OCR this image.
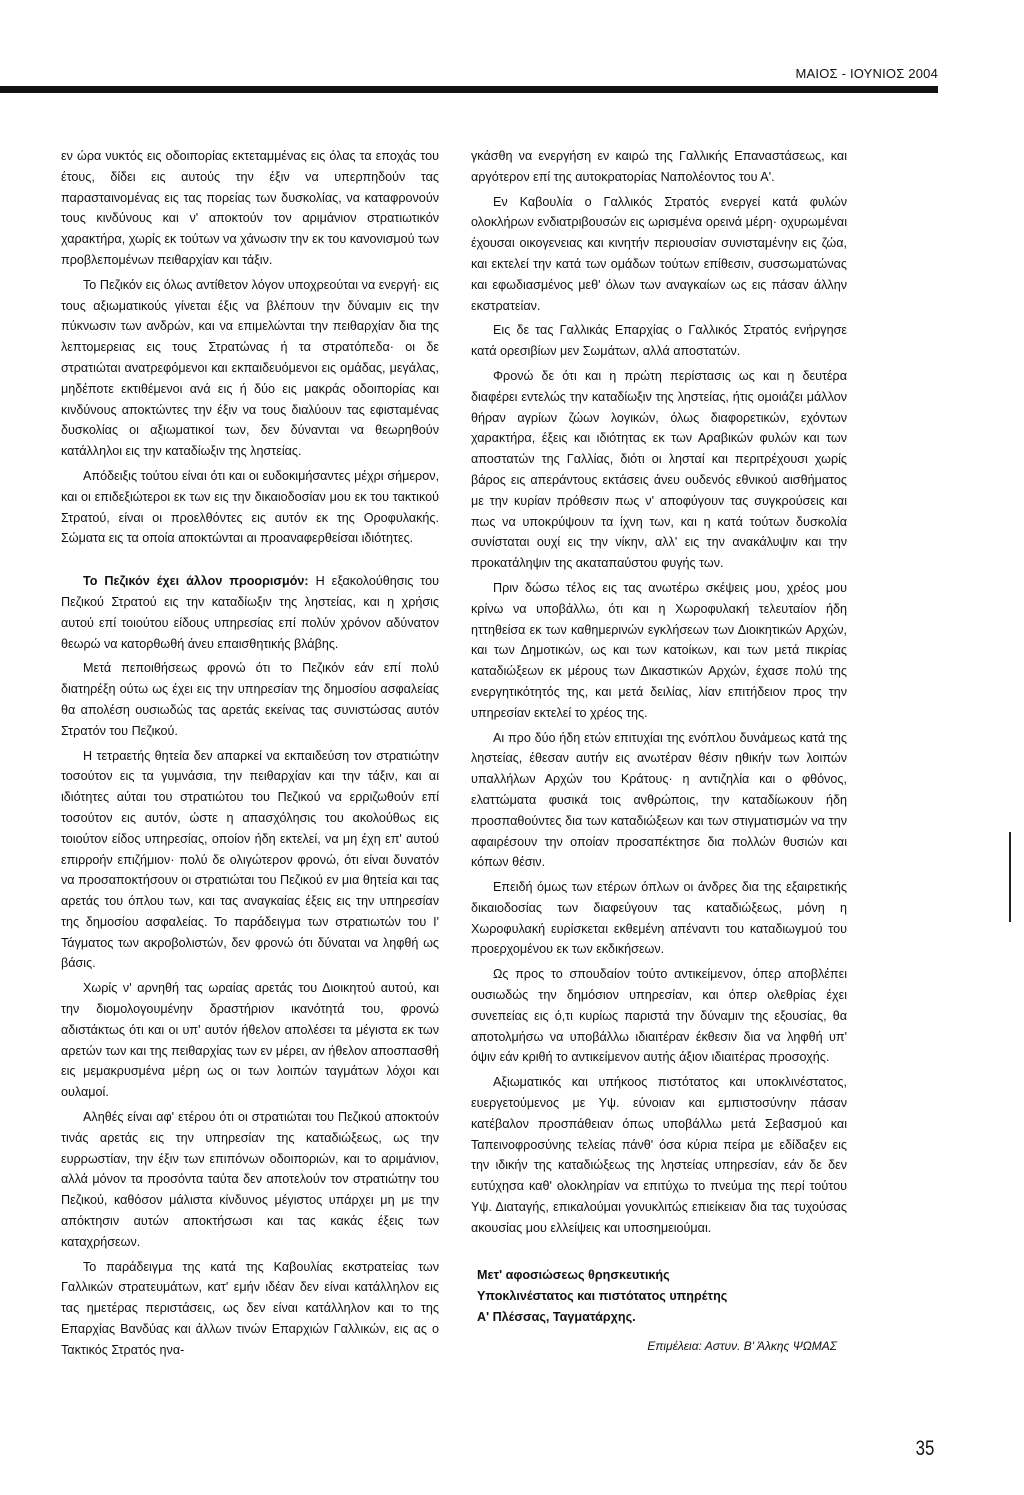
ΜΑΙΟΣ - ΙΟΥΝΙΟΣ 2004

εν ώρα νυκτός εις οδοιπορίας εκτεταμμένας εις όλας τα εποχάς του έτους, δίδει εις αυτούς την έξιν να υπερπηδούν τας παρασταινομένας εις τας πορείας των δυσκολίας, να καταφρονούν τους κινδύνους και ν' αποκτούν τον αριμάνιον στρατιωτικόν χαρακτήρα, χωρίς εκ τούτων να χάνωσιν την εκ του κανονισμού των προβλεπομένων πειθαρχίαν και τάξιν.

Το Πεζικόν εις όλως αντίθετον λόγον υποχρεούται να ενεργή· εις τους αξιωματικούς γίνεται έξις να βλέπουν την δύναμιν εις την πύκνωσιν των ανδρών, και να επιμελώνται την πειθαρχίαν δια της λεπτομερειας εις τους Στρατώνας ή τα στρατόπεδα· οι δε στρατιώται ανατρεφόμενοι και εκπαιδευόμενοι εις ομάδας, μεγάλας, μηδέποτε εκτιθέμενοι ανά εις ή δύο εις μακράς οδοιπορίας και κινδύνους αποκτώντες την έξιν να τους διαλύουν τας εφισταμένας δυσκολίας οι αξιωματικοί των, δεν δύνανται να θεωρηθούν κατάλληλοι εις την καταδίωξιν της ληστείας.

Απόδειξις τούτου είναι ότι και οι ευδοκιμήσαντες μέχρι σήμερον, και οι επιδεξιώτεροι εκ των εις την δικαιοδοσίαν μου εκ του τακτικού Στρατού, είναι οι προελθόντες εις αυτόν εκ της Οροφυλακής. Σώματα εις τα οποία αποκτώνται αι προαναφερθείσαι ιδιότητες.

Το Πεζικόν έχει άλλον προορισμόν: Η εξακολούθησις του Πεζικού Στρατού εις την καταδίωξιν της ληστείας, και η χρήσις αυτού επί τοιούτου είδους υπηρεσίας επί πολύν χρόνον αδύνατον θεωρώ να κατορθωθή άνευ επαισθητικής βλάβης.

Μετά πεποιθήσεως φρονώ ότι το Πεζικόν εάν επί πολύ διατηρέξη ούτω ως έχει εις την υπηρεσίαν της δημοσίου ασφαλείας θα απολέση ουσιωδώς τας αρετάς εκείνας τας συνιστώσας αυτόν Στρατόν του Πεζικού.

Η τετραετής θητεία δεν απαρκεί να εκπαιδεύση τον στρατιώτην τοσούτον εις τα γυμνάσια, την πειθαρχίαν και την τάξιν, και αι ιδιότητες αύται του στρατιώτου του Πεζικού να ερριζωθούν επί τοσούτον εις αυτόν, ώστε η απασχόλησις του ακολούθως εις τοιούτον είδος υπηρεσίας, οποίον ήδη εκτελεί, να μη έχη επ' αυτού επιρροήν επιζήμιον· πολύ δε ολιγώτερον φρονώ, ότι είναι δυνατόν να προσαποκτήσουν οι στρατιώται του Πεζικού εν μια θητεία και τας αρετάς του όπλου των, και τας αναγκαίας έξεις εις την υπηρεσίαν της δημοσίου ασφαλείας. Το παράδειγμα των στρατιωτών του Ι' Τάγματος των ακροβολιστών, δεν φρονώ ότι δύναται να ληφθή ως βάσις.

Χωρίς ν' αρνηθή τας ωραίας αρετάς του Διοικητού αυτού, και την διομολογουμένην δραστήριον ικανότητά του, φρονώ αδιστάκτως ότι και οι υπ' αυτόν ήθελον απολέσει τα μέγιστα εκ των αρετών των και της πειθαρχίας των εν μέρει, αν ήθελον αποσπασθή εις μεμακρυσμένα μέρη ως οι των λοιπών ταγμάτων λόχοι και ουλαμοί.

Αληθές είναι αφ' ετέρου ότι οι στρατιώται του Πεζικού αποκτούν τινάς αρετάς εις την υπηρεσίαν της καταδιώξεως, ως την ευρρωστίαν, την έξιν των επιπόνων οδοιποριών, και το αριμάνιον, αλλά μόνον τα προσόντα ταύτα δεν αποτελούν τον στρατιώτην του Πεζικού, καθόσον μάλιστα κίνδυνος μέγιστος υπάρχει μη με την απόκτησιν αυτών αποκτήσωσι και τας κακάς έξεις των καταχρήσεων.

Το παράδειγμα της κατά της Καβουλίας εκστρατείας των Γαλλικών στρατευμάτων, κατ' εμήν ιδέαν δεν είναι κατάλληλον εις τας ημετέρας περιστάσεις, ως δεν είναι κατάλληλον και το της Επαρχίας Βανδύας και άλλων τινών Επαρχιών Γαλλικών, εις ας ο Τακτικός Στρατός ηνα-

γκάσθη να ενεργήση εν καιρώ της Γαλλικής Επαναστάσεως, και αργότερον επί της αυτοκρατορίας Ναπολέοντος του Α'.

Εν Καβουλία ο Γαλλικός Στρατός ενεργεί κατά φυλών ολοκλήρων ενδιατριβουσών εις ωρισμένα ορεινά μέρη· οχυρωμέναι έχουσαι οικογενειας και κινητήν περιουσίαν συνισταμένην εις ζώα, και εκτελεί την κατά των ομάδων τούτων επίθεσιν, συσσωματώνας και εφωδιασμένος μεθ' όλων των αναγκαίων ως εις πάσαν άλλην εκστρατείαν.

Εις δε τας Γαλλικάς Επαρχίας ο Γαλλικός Στρατός ενήργησε κατά ορεσιβίων μεν Σωμάτων, αλλά αποστατών.

Φρονώ δε ότι και η πρώτη περίστασις ως και η δευτέρα διαφέρει εντελώς την καταδίωξιν της ληστείας, ήτις ομοιάζει μάλλον θήραν αγρίων ζώων λογικών, όλως διαφορετικών, εχόντων χαρακτήρα, έξεις και ιδιότητας εκ των Αραβικών φυλών και των αποστατών της Γαλλίας, διότι οι λησταί και περιτρέχουσι χωρίς βάρος εις απεράντους εκτάσεις άνευ ουδενός εθνικού αισθήματος με την κυρίαν πρόθεσιν πως ν' αποφύγουν τας συγκρούσεις και πως να υποκρύψουν τα ίχνη των, και η κατά τούτων δυσκολία συνίσταται ουχί εις την νίκην, αλλ' εις την ανακάλυψιν και την προκατάληψιν της ακαταπαύστου φυγής των.

Πριν δώσω τέλος εις τας ανωτέρω σκέψεις μου, χρέος μου κρίνω να υποβάλλω, ότι και η Χωροφυλακή τελευταίον ήδη ηττηθείσα εκ των καθημερινών εγκλήσεων των Διοικητικών Αρχών, και των Δημοτικών, ως και των κατοίκων, και των μετά πικρίας καταδιώξεων εκ μέρους των Δικαστικών Αρχών, έχασε πολύ της ενεργητικότητός της, και μετά δειλίας, λίαν επιτήδειον προς την υπηρεσίαν εκτελεί το χρέος της.

Αι προ δύο ήδη ετών επιτυχίαι της ενόπλου δυνάμεως κατά της ληστείας, έθεσαν αυτήν εις ανωτέραν θέσιν ηθικήν των λοιπών υπαλλήλων Αρχών του Κράτους· η αντιζηλία και ο φθόνος, ελαττώματα φυσικά τοις ανθρώποις, την καταδίωκουν ήδη προσπαθούντες δια των καταδιώξεων και των στιγματισμών να την αφαιρέσουν την οποίαν προσαπέκτησε δια πολλών θυσιών και κόπων θέσιν.

Επειδή όμως των ετέρων όπλων οι άνδρες δια της εξαιρετικής δικαιοδοσίας των διαφεύγουν τας καταδιώξεως, μόνη η Χωροφυλακή ευρίσκεται εκθεμένη απέναντι του καταδιωγμού του προερχομένου εκ των εκδικήσεων.

Ως προς το σπουδαίον τούτο αντικείμενον, όπερ αποβλέπει ουσιωδώς την δημόσιον υπηρεσίαν, και όπερ ολεθρίας έχει συνεπείας εις ό,τι κυρίως παριστά την δύναμιν της εξουσίας, θα αποτολμήσω να υποβάλλω ιδιαιτέραν έκθεσιν δια να ληφθή υπ' όψιν εάν κριθή το αντικείμενον αυτής άξιον ιδιαιτέρας προσοχής.

Αξιωματικός και υπήκοος πιστότατος και υποκλινέστατος, ευεργετούμενος με Υψ. εύνοιαν και εμπιστοσύνην πάσαν κατέβαλον προσπάθειαν όπως υποβάλλω μετά Σεβασμού και Ταπεινοφροσύνης τελείας πάνθ' όσα κύρια πείρα με εδίδαξεν εις την ιδικήν της καταδιώξεως της ληστείας υπηρεσίαν, εάν δε δεν ευτύχησα καθ' ολοκληρίαν να επιτύχω το πνεύμα της περί τούτου Υψ. Διαταγής, επικαλούμαι γονυκλιτώς επιείκειαν δια τας τυχούσας ακουσίας μου ελλείψεις και υποσημειούμαι.

Μετ' αφοσιώσεως θρησκευτικής
Υποκλινέστατος και πιστότατος υπηρέτης
Α' Πλέσσας, Ταγματάρχης.
Επιμέλεια: Αστυν. Β' Άλκης ΨΩΜΑΣ
35
